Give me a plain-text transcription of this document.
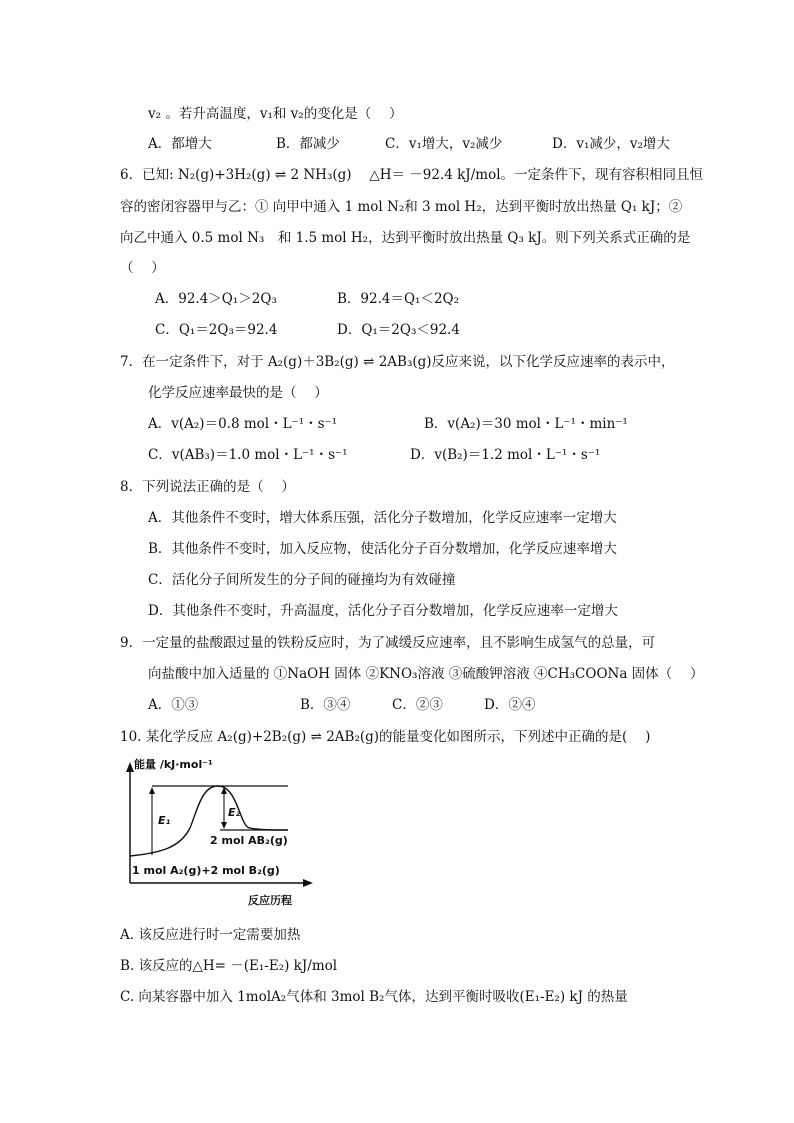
v₂ 。若升高温度，v₁和 v₂的变化是（　 ）
A．都增大	B．都减少	C．v₁增大，v₂减少	D．v₁减少，v₂增大
6．已知: N₂(g)+3H₂(g) ⇌ 2 NH₃(g)　 △H＝ －92.4 kJ/mol。一定条件下，现有容积相同且恒
容的密闭容器甲与乙：① 向甲中通入 1 mol N₂和 3 mol H₂，达到平衡时放出热量 Q₁ kJ；②
向乙中通入 0.5 mol N₃　和 1.5 mol H₂，达到平衡时放出热量 Q₃ kJ。则下列关系式正确的是
（　 ）
A．92.4＞Q₁＞2Q₃	B．92.4＝Q₁＜2Q₂
C．Q₁＝2Q₃＝92.4	D．Q₁＝2Q₃＜92.4
7．在一定条件下，对于 A₂(g)＋3B₂(g) ⇌ 2AB₃(g)反应来说，以下化学反应速率的表示中，
化学反应速率最快的是（　 ）
A．v(A₂)＝0.8 mol・L⁻¹・s⁻¹	B．v(A₂)＝30 mol・L⁻¹・min⁻¹
C．v(AB₃)＝1.0 mol・L⁻¹・s⁻¹	D．v(B₂)＝1.2 mol・L⁻¹・s⁻¹
8．下列说法正确的是（　 ）
A．其他条件不变时，增大体系压强，活化分子数增加，化学反应速率一定增大
B．其他条件不变时，加入反应物，使活化分子百分数增加，化学反应速率增大
C．活化分子间所发生的分子间的碰撞均为有效碰撞
D．其他条件不变时，升高温度，活化分子百分数增加，化学反应速率一定增大
9．一定量的盐酸跟过量的铁粉反应时，为了减缓反应速率，且不影响生成氢气的总量，可
向盐酸中加入适量的 ①NaOH 固体 ②KNO₃溶液 ③硫酸钾溶液 ④CH₃COONa 固体（　 ）
A．①③	B．③④	C．②③	D．②④
10. 某化学反应 A₂(g)+2B₂(g) ⇌ 2AB₂(g)的能量变化如图所示，下列述中正确的是(　 )
能量 /kJ·mol⁻¹
E₁
E₂
2 mol AB₂(g)
1 mol A₂(g)+2 mol B₂(g)
反应历程
A. 该反应进行时一定需要加热
B. 该反应的△H= －(E₁-E₂) kJ/mol
C. 向某容器中加入 1molA₂气体和 3mol B₂气体，达到平衡时吸收(E₁-E₂) kJ 的热量
